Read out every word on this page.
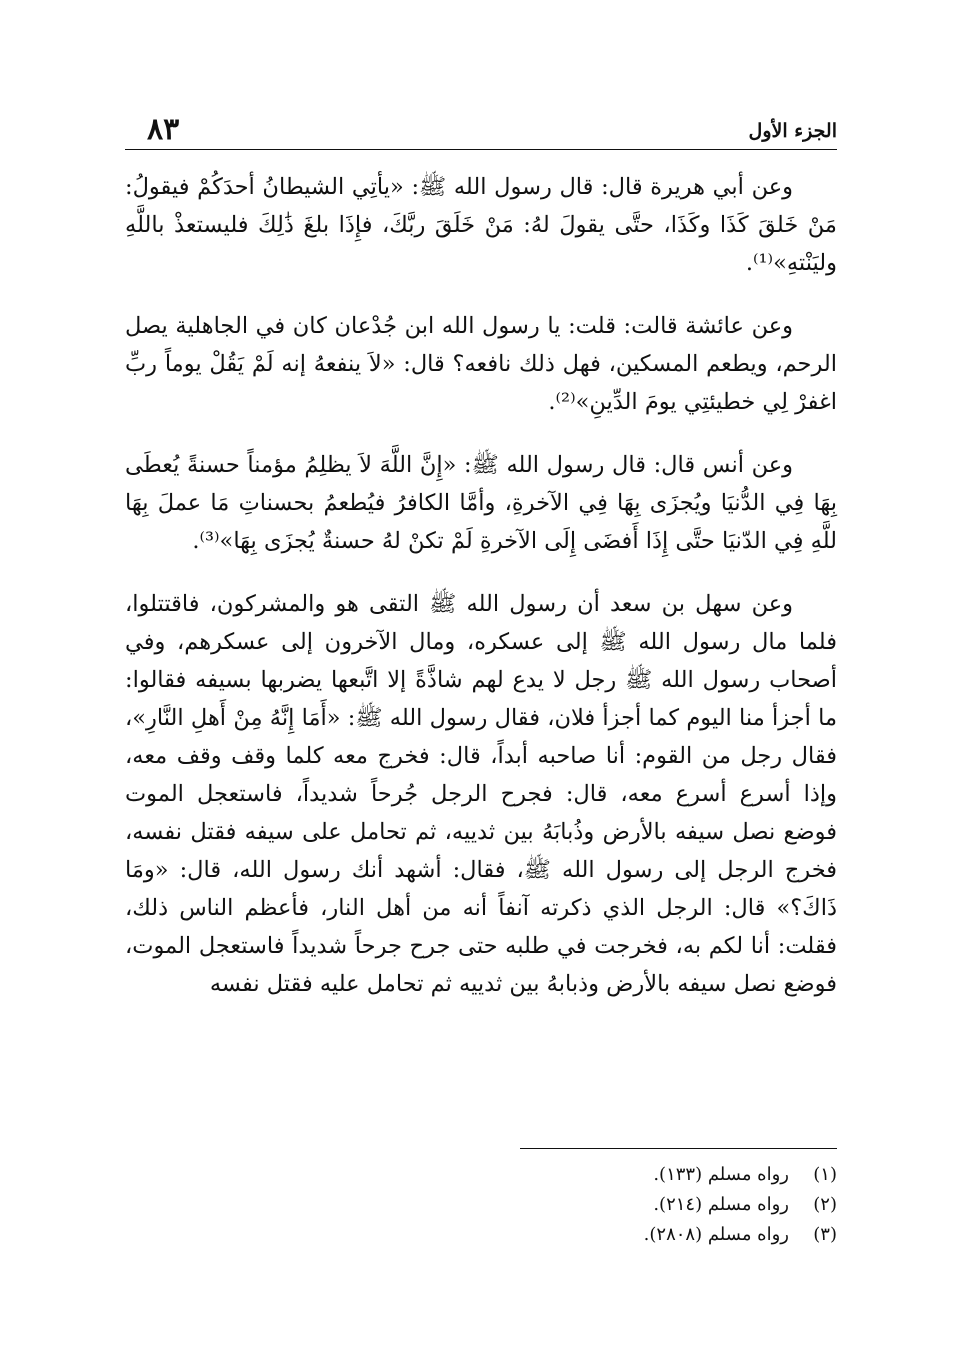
الجزء الأول
٨٣

وعن أبي هريرة قال: قال رسول الله ﷺ: «يأتِي الشيطانُ أحدَكُمْ فيقولُ: مَنْ خَلقَ كَذَا وكَذَا، حتَّى يقولَ لهُ: مَنْ خَلَقَ ربَّكَ، فإِذَا بلغَ ذَٰلِكَ فليستعذْ باللَّهِ وليَنْتهِ»⁽¹⁾.

وعن عائشة قالت: قلت: يا رسول الله ابن جُدْعان كان في الجاهلية يصل الرحم، ويطعم المسكين، فهل ذلك نافعه؟ قال: «لاَ ينفعهُ إنه لَمْ يَقُلْ يوماً ربِّ اغفرْ لِي خطيئتِي يومَ الدِّينِ»⁽²⁾.

وعن أنس قال: قال رسول الله ﷺ: «إِنَّ اللَّهَ لاَ يظلِمُ مؤمناً حسنةً يُعطَى بِهَا فِي الدُّنيَا ويُجزَى بِهَا فِي الآخرةِ، وأمَّا الكافرُ فيُطعمُ بحسناتِ مَا عملَ بِهَا للَّهِ فِي الدّنيَا حتَّى إِذَا أَفضَى إِلَى الآخرةِ لَمْ تكنْ لهُ حسنةٌ يُجزَى بِهَا»⁽³⁾.

وعن سهل بن سعد أن رسول الله ﷺ التقى هو والمشركون، فاقتتلوا، فلما مال رسول الله ﷺ إلى عسكره، ومال الآخرون إلى عسكرهم، وفي أصحاب رسول الله ﷺ رجل لا يدع لهم شاذَّةً إلا اتَّبعها يضربها بسيفه فقالوا: ما أجزأ منا اليوم كما أجزأ فلان، فقال رسول الله ﷺ: «أَمَا إِنَّهُ مِنْ أَهلِ النَّارِ»، فقال رجل من القوم: أنا صاحبه أبداً، قال: فخرج معه كلما وقف وقف معه، وإذا أسرع أسرع معه، قال: فجرح الرجل جُرحاً شديداً، فاستعجل الموت فوضع نصل سيفه بالأرض وذُبابَهُ بين ثدييه، ثم تحامل على سيفه فقتل نفسه، فخرج الرجل إلى رسول الله ﷺ، فقال: أشهد أنك رسول الله، قال: «ومَا ذَاكَ؟» قال: الرجل الذي ذكرته آنفاً أنه من أهل النار، فأعظم الناس ذلك، فقلت: أنا لكم به، فخرجت في طلبه حتى جرح جرحاً شديداً فاستعجل الموت، فوضع نصل سيفه بالأرض وذبابهُ بين ثدييه ثم تحامل عليه فقتل نفسه

(١)رواه مسلم (١٣٣).
(٢)رواه مسلم (٢١٤).
(٣)رواه مسلم (٢٨٠٨).
